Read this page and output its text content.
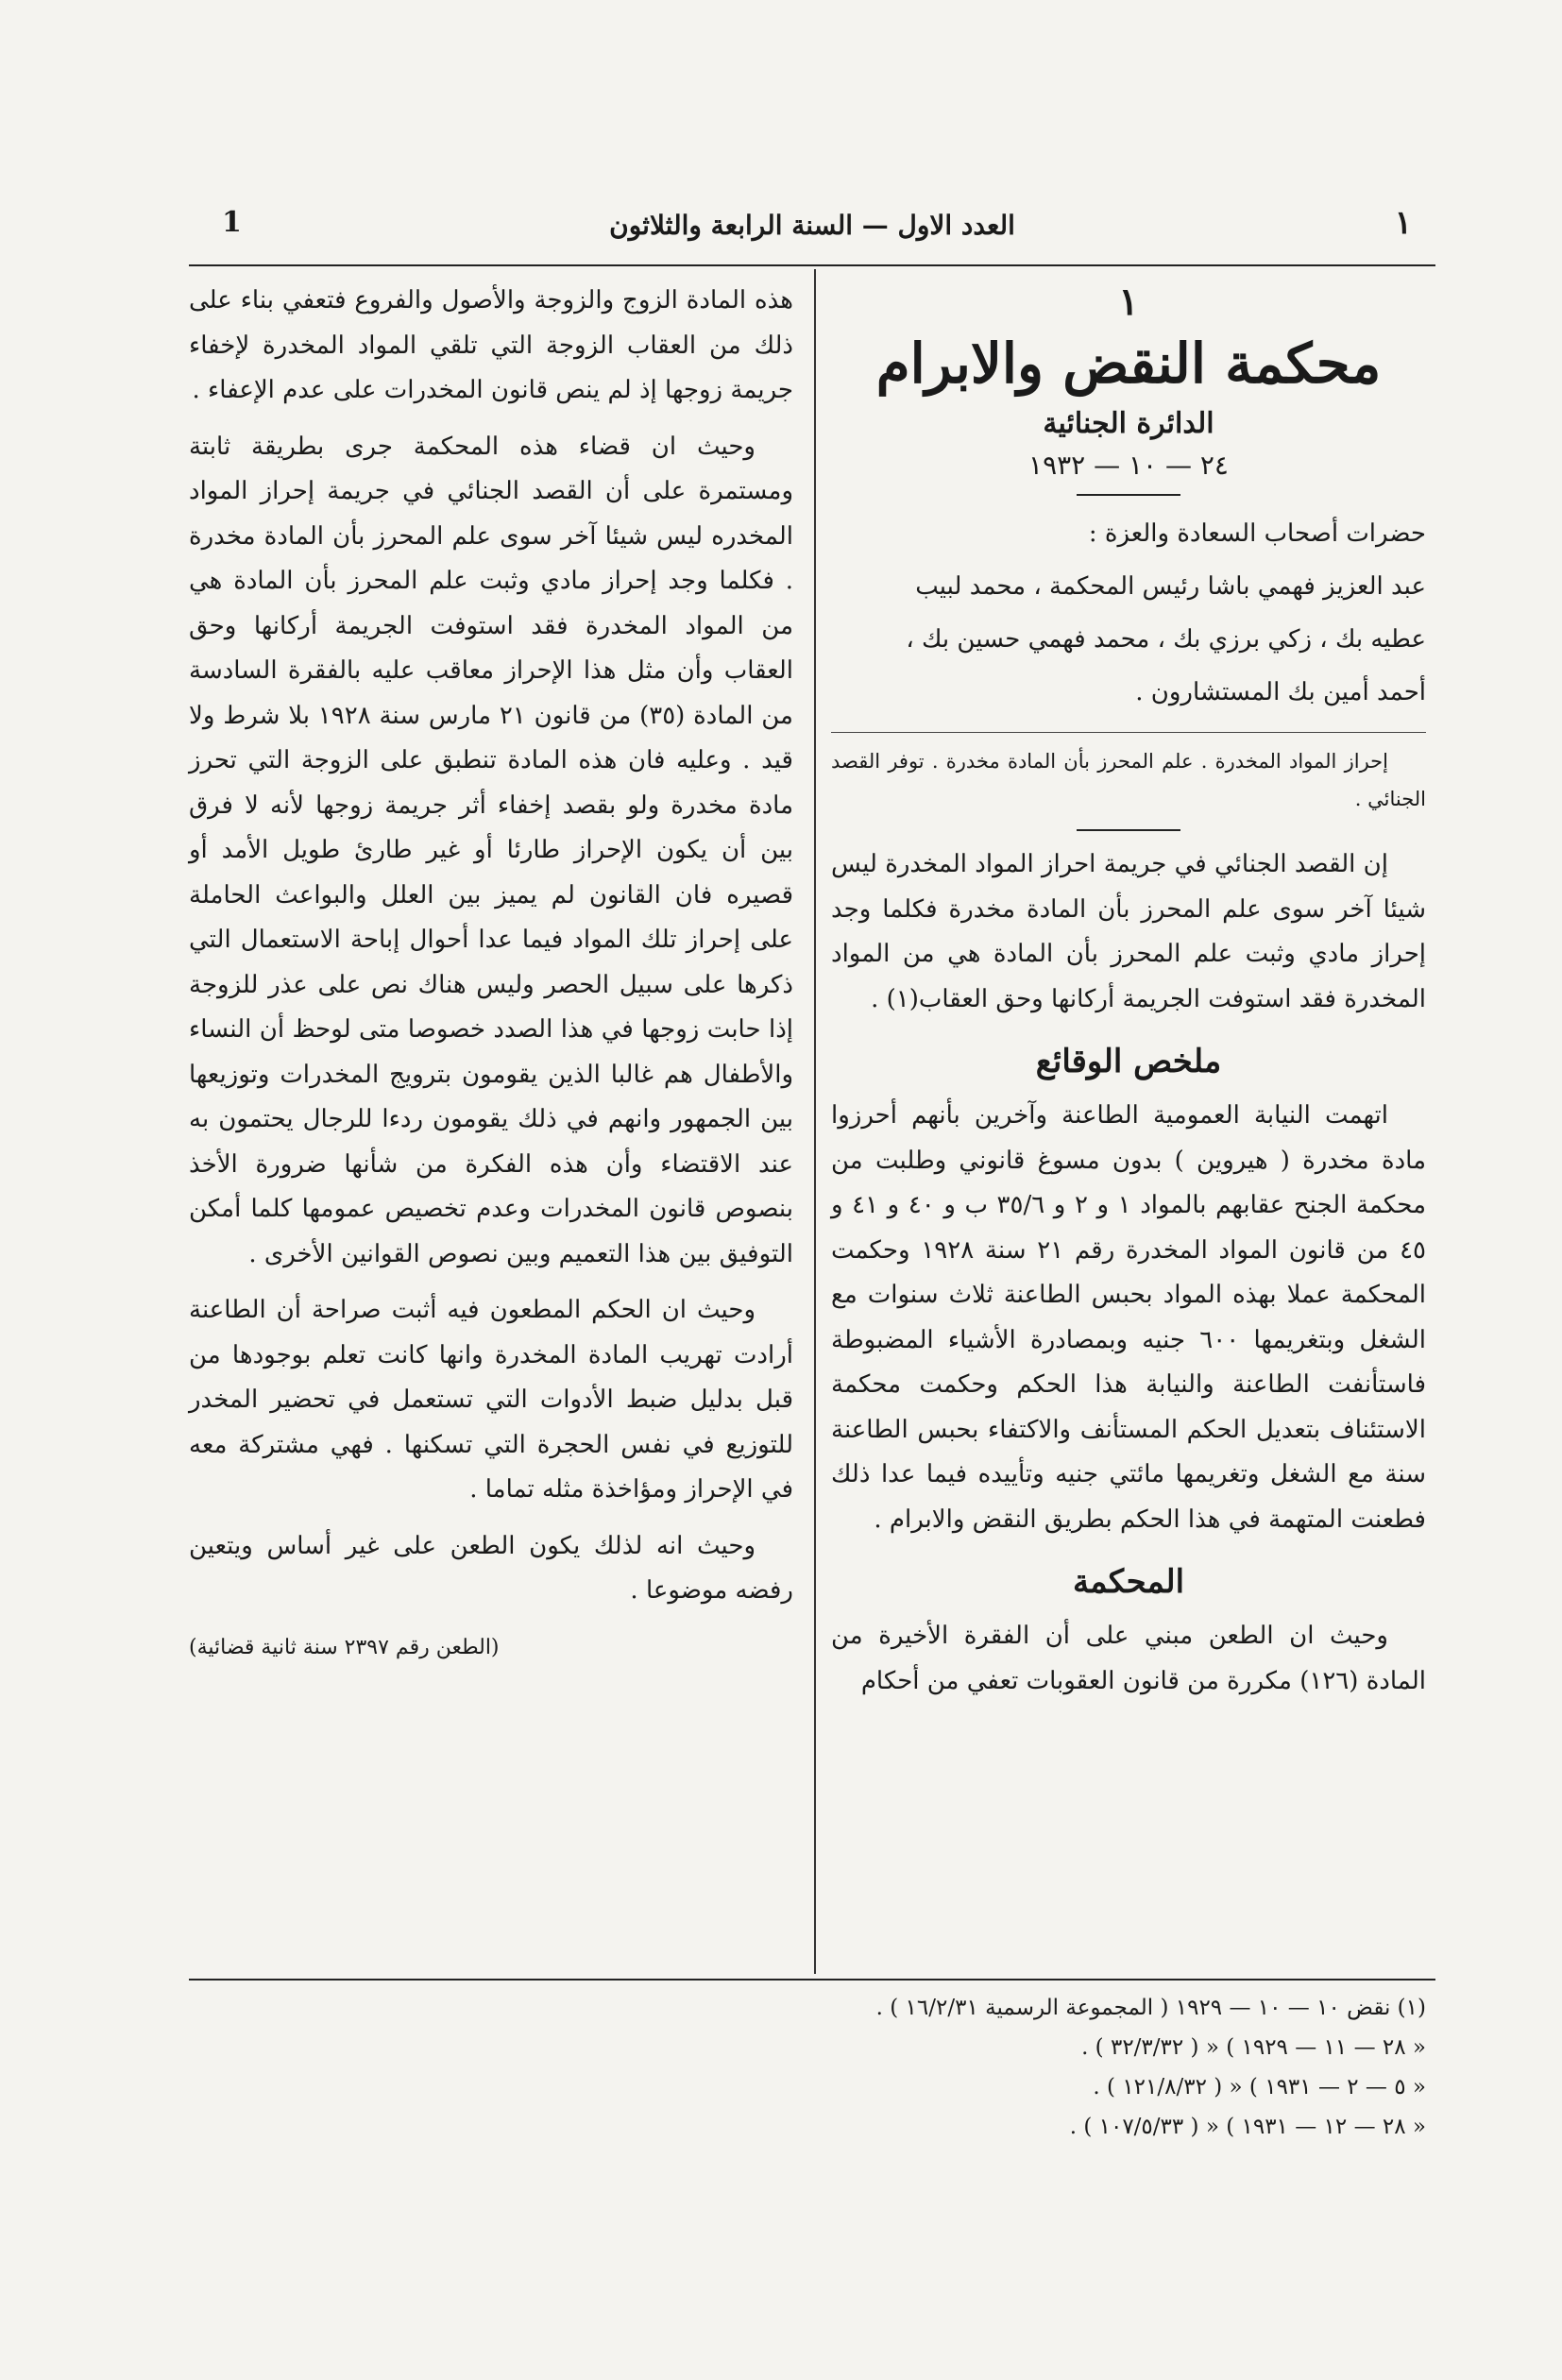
1	العدد الاول — السنة الرابعة والثلاثون	١
١
محكمة النقض والابرام
الدائرة الجنائية
٢٤ — ١٠ — ١٩٣٢
حضرات أصحاب السعادة والعزة :
عبد العزيز فهمي باشا رئيس المحكمة ، محمد لبيب
عطيه بك ، زكي برزي بك ، محمد فهمي حسين بك ،
أحمد أمين بك المستشارون .

إحراز المواد المخدرة . علم المحرز بأن المادة مخدرة . توفر القصد الجنائي .

إن القصد الجنائي في جريمة احراز المواد المخدرة ليس شيئا آخر سوى علم المحرز بأن المادة مخدرة فكلما وجد إحراز مادي وثبت علم المحرز بأن المادة هي من المواد المخدرة فقد استوفت الجريمة أركانها وحق العقاب(١) .

ملخص الوقائع

اتهمت النيابة العمومية الطاعنة وآخرين بأنهم أحرزوا مادة مخدرة ( هيروين ) بدون مسوغ قانوني وطلبت من محكمة الجنح عقابهم بالمواد ١ و ٢ و ٣٥/٦ ب و ٤٠ و ٤١ و ٤٥ من قانون المواد المخدرة رقم ٢١ سنة ١٩٢٨ وحكمت المحكمة عملا بهذه المواد بحبس الطاعنة ثلاث سنوات مع الشغل وبتغريمها ٦٠٠ جنيه وبمصادرة الأشياء المضبوطة فاستأنفت الطاعنة والنيابة هذا الحكم وحكمت محكمة الاستئناف بتعديل الحكم المستأنف والاكتفاء بحبس الطاعنة سنة مع الشغل وتغريمها مائتي جنيه وتأييده فيما عدا ذلك فطعنت المتهمة في هذا الحكم بطريق النقض والابرام .

المحكمة

وحيث ان الطعن مبني على أن الفقرة الأخيرة من المادة (١٢٦) مكررة من قانون العقوبات تعفي من أحكام

هذه المادة الزوج والزوجة والأصول والفروع فتعفي بناء على ذلك من العقاب الزوجة التي تلقي المواد المخدرة لإخفاء جريمة زوجها إذ لم ينص قانون المخدرات على عدم الإعفاء .

وحيث ان قضاء هذه المحكمة جرى بطريقة ثابتة ومستمرة على أن القصد الجنائي في جريمة إحراز المواد المخدره ليس شيئا آخر سوى علم المحرز بأن المادة مخدرة . فكلما وجد إحراز مادي وثبت علم المحرز بأن المادة هي من المواد المخدرة فقد استوفت الجريمة أركانها وحق العقاب وأن مثل هذا الإحراز معاقب عليه بالفقرة السادسة من المادة (٣٥) من قانون ٢١ مارس سنة ١٩٢٨ بلا شرط ولا قيد . وعليه فان هذه المادة تنطبق على الزوجة التي تحرز مادة مخدرة ولو بقصد إخفاء أثر جريمة زوجها لأنه لا فرق بين أن يكون الإحراز طارئا أو غير طارئ طويل الأمد أو قصيره فان القانون لم يميز بين العلل والبواعث الحاملة على إحراز تلك المواد فيما عدا أحوال إباحة الاستعمال التي ذكرها على سبيل الحصر وليس هناك نص على عذر للزوجة إذا حابت زوجها في هذا الصدد خصوصا متى لوحظ أن النساء والأطفال هم غالبا الذين يقومون بترويج المخدرات وتوزيعها بين الجمهور وانهم في ذلك يقومون ردءا للرجال يحتمون به عند الاقتضاء وأن هذه الفكرة من شأنها ضرورة الأخذ بنصوص قانون المخدرات وعدم تخصيص عمومها كلما أمكن التوفيق بين هذا التعميم وبين نصوص القوانين الأخرى .

وحيث ان الحكم المطعون فيه أثبت صراحة أن الطاعنة أرادت تهريب المادة المخدرة وانها كانت تعلم بوجودها من قبل بدليل ضبط الأدوات التي تستعمل في تحضير المخدر للتوزيع في نفس الحجرة التي تسكنها . فهي مشتركة معه في الإحراز ومؤاخذة مثله تماما .

وحيث انه لذلك يكون الطعن على غير أساس ويتعين رفضه موضوعا .

(الطعن رقم ٢٣٩٧ سنة ثانية قضائية)
(١) نقض ١٠ — ١٠ — ١٩٢٩ ( المجموعة الرسمية ١٦/٢/٣١ ) .
« ٢٨ — ١١ — ١٩٢٩ ) « ( ٣٢/٣/٣٢ ) .
« ٥ — ٢ — ١٩٣١ ) « ( ١٢١/٨/٣٢ ) .
« ٢٨ — ١٢ — ١٩٣١ ) « ( ١٠٧/٥/٣٣ ) .
